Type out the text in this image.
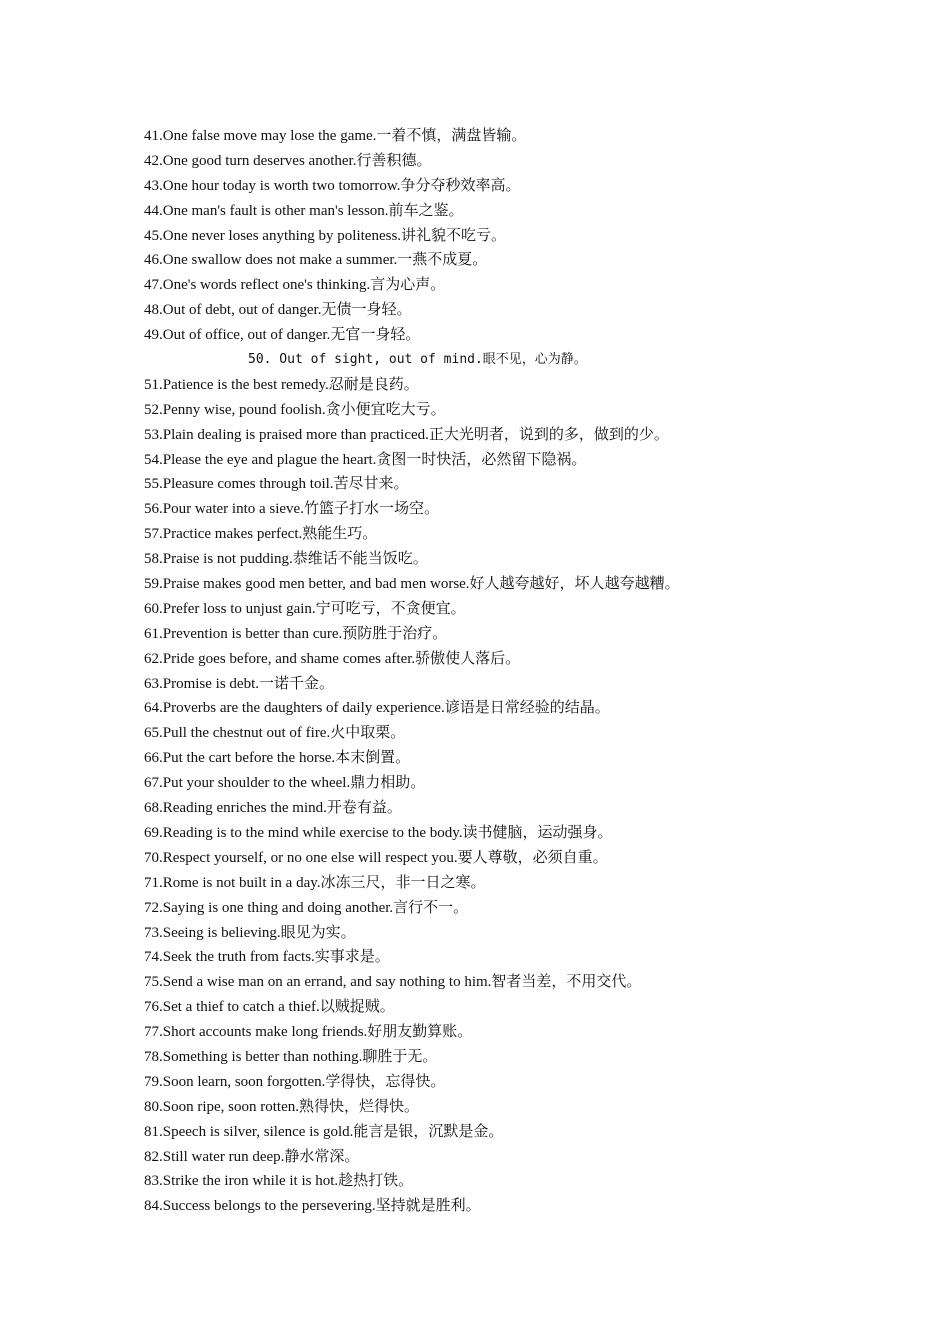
41.One false move may lose the game.一着不慎，满盘皆输。
42.One good turn deserves another.行善积德。
43.One hour today is worth two tomorrow.争分夺秒效率高。
44.One man's fault is other man's lesson.前车之鉴。
45.One never loses anything by politeness.讲礼貌不吃亏。
46.One swallow does not make a summer.一燕不成夏。
47.One's words reflect one's thinking.言为心声。
48.Out of debt, out of danger.无债一身轻。
49.Out of office, out of danger.无官一身轻。
50. Out of sight, out of mind.眼不见，心为静。
51.Patience is the best remedy.忍耐是良药。
52.Penny wise, pound foolish.贪小便宜吃大亏。
53.Plain dealing is praised more than practiced.正大光明者，说到的多，做到的少。
54.Please the eye and plague the heart.贪图一时快活，必然留下隐祸。
55.Pleasure comes through toil.苦尽甘来。
56.Pour water into a sieve.竹篮子打水一场空。
57.Practice makes perfect.熟能生巧。
58.Praise is not pudding.恭维话不能当饭吃。
59.Praise makes good men better, and bad men worse.好人越夸越好，坏人越夸越糟。
60.Prefer loss to unjust gain.宁可吃亏，不贪便宜。
61.Prevention is better than cure.预防胜于治疗。
62.Pride goes before, and shame comes after.骄傲使人落后。
63.Promise is debt.一诺千金。
64.Proverbs are the daughters of daily experience.谚语是日常经验的结晶。
65.Pull the chestnut out of fire.火中取栗。
66.Put the cart before the horse.本末倒置。
67.Put your shoulder to the wheel.鼎力相助。
68.Reading enriches the mind.开卷有益。
69.Reading is to the mind while exercise to the body.读书健脑，运动强身。
70.Respect yourself, or no one else will respect you.要人尊敬，必须自重。
71.Rome is not built in a day.冰冻三尺，非一日之寒。
72.Saying is one thing and doing another.言行不一。
73.Seeing is believing.眼见为实。
74.Seek the truth from facts.实事求是。
75.Send a wise man on an errand, and say nothing to him.智者当差，不用交代。
76.Set a thief to catch a thief.以贼捉贼。
77.Short accounts make long friends.好朋友勤算账。
78.Something is better than nothing.聊胜于无。
79.Soon learn, soon forgotten.学得快，忘得快。
80.Soon ripe, soon rotten.熟得快，烂得快。
81.Speech is silver, silence is gold.能言是银，沉默是金。
82.Still water run deep.静水常深。
83.Strike the iron while it is hot.趁热打铁。
84.Success belongs to the persevering.坚持就是胜利。
